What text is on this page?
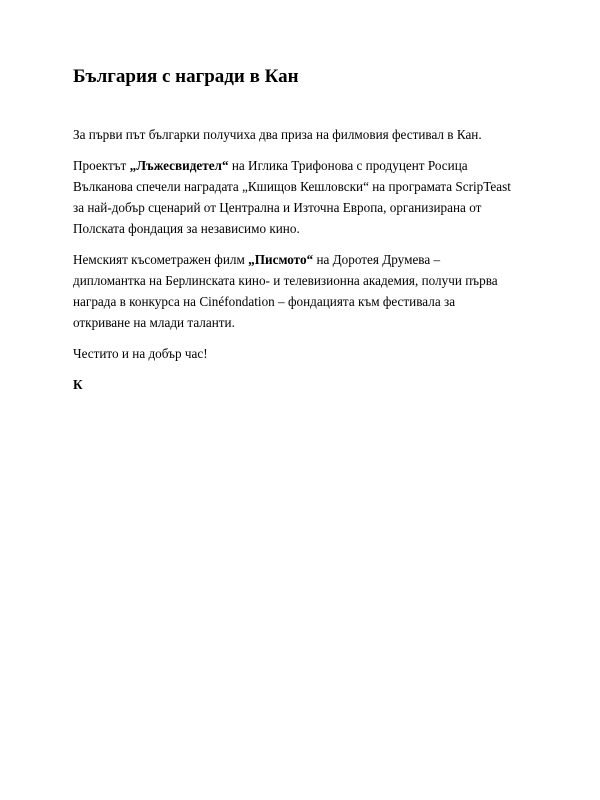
България с награди в Кан

За първи път българки получиха два приза на филмовия фестивал в Кан.

Проектът „Лъжесвидетел“ на Иглика Трифонова с продуцент Росица Вълканова спечели наградата „Кшищов Кешловски“ на програмата ScripTeast за най-добър сценарий от Централна и Източна Европа, организирана от Полската фондация за независимо кино.

Немският късометражен филм „Писмото“ на Доротея Друмева – дипломантка на Берлинската кино- и телевизионна академия, получи първа награда в конкурса на Cinéfondation – фондацията към фестивала за откриване на млади таланти.

Честито и на добър час!

К
